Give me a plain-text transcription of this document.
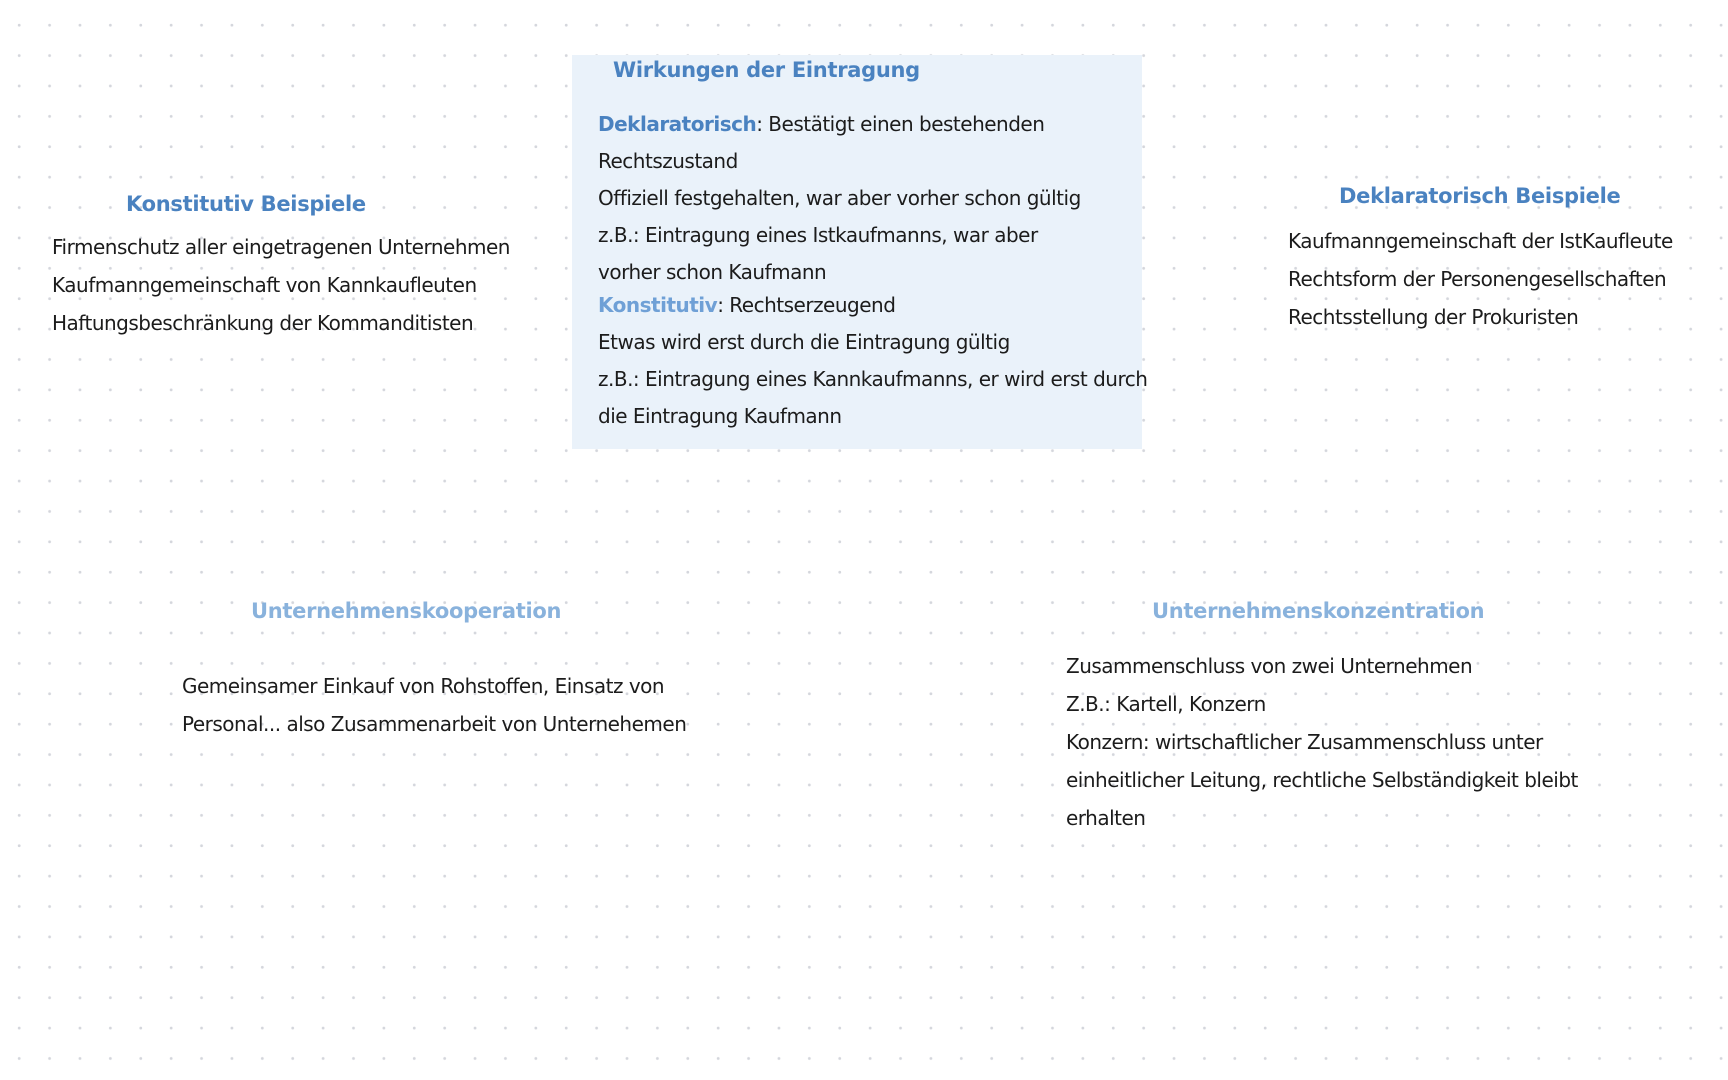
Wirkungen der Eintragung
Deklaratorisch: Bestätigt einen bestehenden
Rechtszustand
Offiziell festgehalten, war aber vorher schon gültig
z.B.: Eintragung eines Istkaufmanns, war aber
vorher schon Kaufmann
Konstitutiv: Rechtserzeugend
Etwas wird erst durch die Eintragung gültig
z.B.: Eintragung eines Kannkaufmanns, er wird erst durch
die Eintragung Kaufmann
Konstitutiv Beispiele
Firmenschutz aller eingetragenen Unternehmen
Kaufmanngemeinschaft von Kannkaufleuten
Haftungsbeschränkung der Kommanditisten
Deklaratorisch Beispiele
Kaufmanngemeinschaft der IstKaufleute
Rechtsform der Personengesellschaften
Rechtsstellung der Prokuristen
Unternehmenskooperation
Gemeinsamer Einkauf von Rohstoffen, Einsatz von
Personal... also Zusammenarbeit von Unternehemen
Unternehmenskonzentration
Zusammenschluss von zwei Unternehmen
Z.B.: Kartell, Konzern
Konzern: wirtschaftlicher Zusammenschluss unter
einheitlicher Leitung, rechtliche Selbständigkeit bleibt
erhalten
